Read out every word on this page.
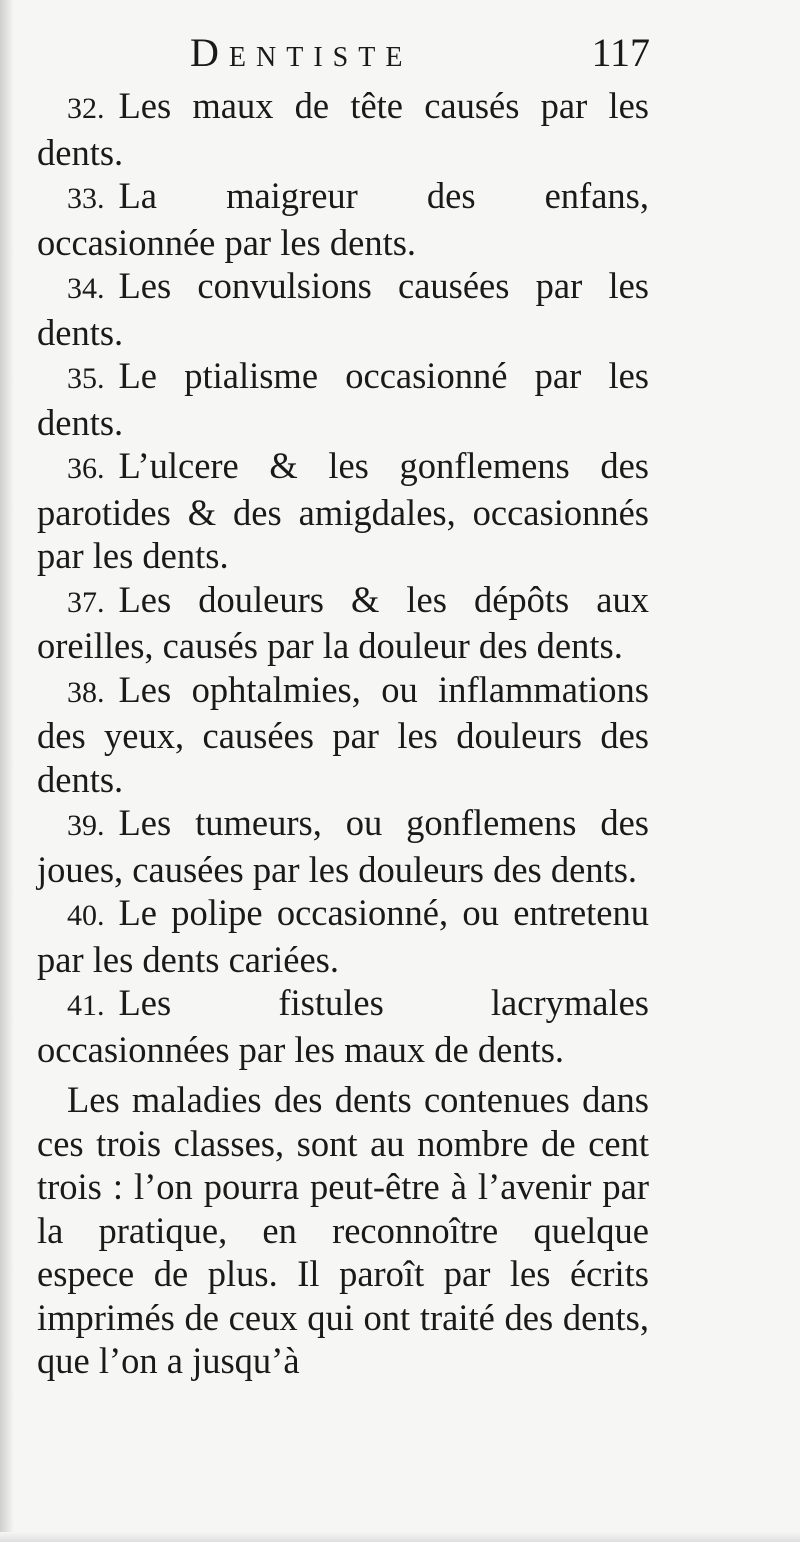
Dentiste	117

32. Les maux de tête causés par les dents.

33. La maigreur des enfans, occasionnée par les dents.

34. Les convulsions causées par les dents.

35. Le ptialisme occasionné par les dents.

36. L’ulcere & les gonflemens des parotides & des amigdales, occasionnés par les dents.

37. Les douleurs & les dépôts aux oreilles, causés par la douleur des dents.

38. Les ophtalmies, ou inflammations des yeux, causées par les douleurs des dents.

39. Les tumeurs, ou gonflemens des joues, causées par les douleurs des dents.

40. Le polipe occasionné, ou entretenu par les dents cariées.

41. Les fistules lacrymales occasionnées par les maux de dents.

Les maladies des dents contenues dans ces trois classes, sont au nombre de cent trois : l’on pourra peut-être à l’avenir par la pratique, en reconnoître quelque espece de plus. Il paroît par les écrits imprimés de ceux qui ont traité des dents, que l’on a jusqu’à
